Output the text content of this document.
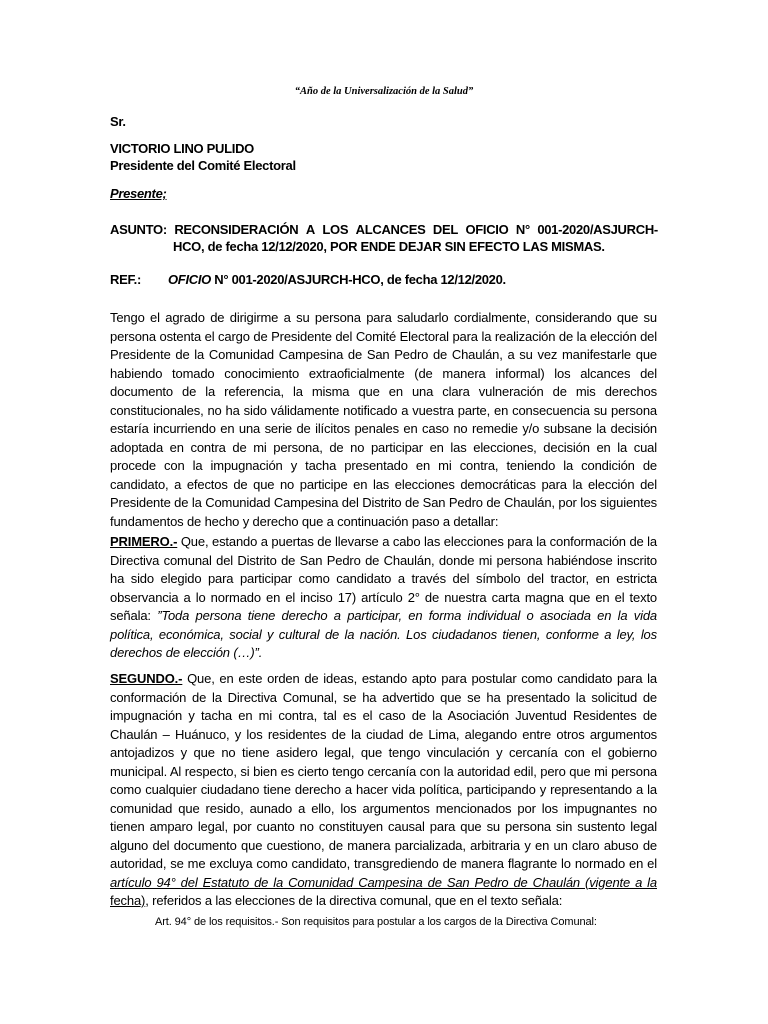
“Año de la Universalización de la Salud”
Sr.
VICTORIO LINO PULIDO
Presidente del Comité Electoral
Presente;
ASUNTO: RECONSIDERACIÓN A LOS ALCANCES DEL OFICIO N° 001-2020/ASJURCH-
HCO, de fecha 12/12/2020, POR ENDE DEJAR SIN EFECTO LAS MISMAS.
REF.: OFICIO N° 001-2020/ASJURCH-HCO, de fecha 12/12/2020.
Tengo el agrado de dirigirme a su persona para saludarlo cordialmente, considerando que su persona ostenta el cargo de Presidente del Comité Electoral para la realización de la elección del Presidente de la Comunidad Campesina de San Pedro de Chaulán, a su vez manifestarle que habiendo tomado conocimiento extraoficialmente (de manera informal) los alcances del documento de la referencia, la misma que en una clara vulneración de mis derechos constitucionales, no ha sido válidamente notificado a vuestra parte, en consecuencia su persona estaría incurriendo en una serie de ilícitos penales en caso no remedie y/o subsane la decisión adoptada en contra de mi persona, de no participar en las elecciones, decisión en la cual procede con la impugnación y tacha presentado en mi contra, teniendo la condición de candidato, a efectos de que no participe en las elecciones democráticas para la elección del Presidente de la Comunidad Campesina del Distrito de San Pedro de Chaulán, por los siguientes fundamentos de hecho y derecho que a continuación paso a detallar:
PRIMERO.- Que, estando a puertas de llevarse a cabo las elecciones para la conformación de la Directiva comunal del Distrito de San Pedro de Chaulán, donde mi persona habiéndose inscrito ha sido elegido para participar como candidato a través del símbolo del tractor, en estricta observancia a lo normado en el inciso 17) artículo 2° de nuestra carta magna que en el texto señala: ”Toda persona tiene derecho a participar, en forma individual o asociada en la vida política, económica, social y cultural de la nación. Los ciudadanos tienen, conforme a ley, los derechos de elección (…)”.
SEGUNDO.- Que, en este orden de ideas, estando apto para postular como candidato para la conformación de la Directiva Comunal, se ha advertido que se ha presentado la solicitud de impugnación y tacha en mi contra, tal es el caso de la Asociación Juventud Residentes de Chaulán – Huánuco, y los residentes de la ciudad de Lima, alegando entre otros argumentos antojadizos y que no tiene asidero legal, que tengo vinculación y cercanía con el gobierno municipal. Al respecto, si bien es cierto tengo cercanía con la autoridad edil, pero que mi persona como cualquier ciudadano tiene derecho a hacer vida política, participando y representando a la comunidad que resido, aunado a ello, los argumentos mencionados por los impugnantes no tienen amparo legal, por cuanto no constituyen causal para que su persona sin sustento legal alguno del documento que cuestiono, de manera parcializada, arbitraria y en un claro abuso de autoridad, se me excluya como candidato, transgrediendo de manera flagrante lo normado en el artículo 94° del Estatuto de la Comunidad Campesina de San Pedro de Chaulán (vigente a la fecha), referidos a las elecciones de la directiva comunal, que en el texto señala:
Art. 94° de los requisitos.- Son requisitos para postular a los cargos de la Directiva Comunal:
